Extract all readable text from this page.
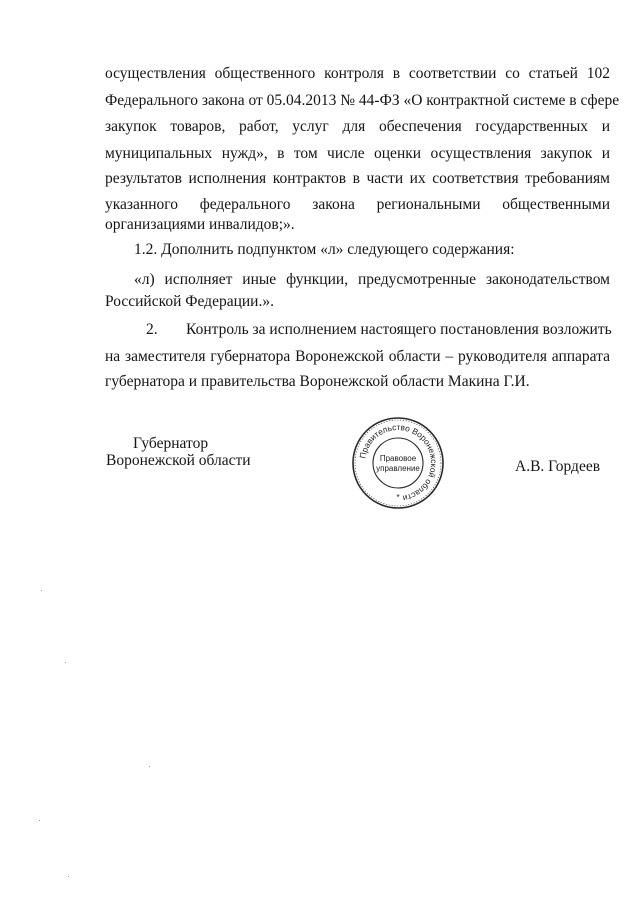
осуществления общественного контроля в соответствии со статьей 102
Федерального закона от 05.04.2013 № 44-ФЗ «О контрактной системе в сфере
закупок товаров, работ, услуг для обеспечения государственных и
муниципальных нужд», в том числе оценки осуществления закупок и
результатов исполнения контрактов в части их соответствия требованиям
указанного федерального закона региональными общественными
организациями инвалидов;».
1.2. Дополнить подпунктом «л» следующего содержания:
«л) исполняет иные функции, предусмотренные законодательством
Российской Федерации.».
2.	Контроль за исполнением настоящего постановления возложить
на заместителя губернатора Воронежской области – руководителя аппарата
губернатора и правительства Воронежской области Макина Г.И.
Губернатор
Воронежской области	А.В. Гордеев
Правительство Воронежской области
Правовое
управление
*
